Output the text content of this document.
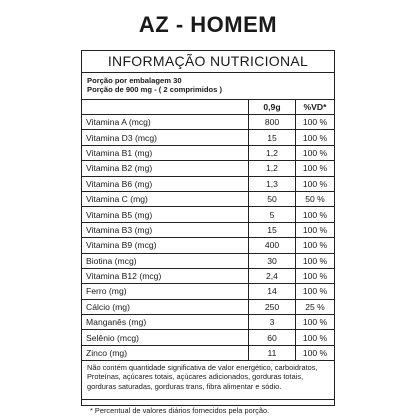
AZ - HOMEM
INFORMAÇÃO NUTRICIONAL
Porção por embalagem 30
Porção de 900 mg - ( 2 comprimidos )
	0,9g	%VD*
Vitamina A (mcg)	800	100 %
Vitamina D3 (mcg)	15	100 %
Vitamina B1 (mg)	1,2	100 %
Vitamina B2 (mg)	1,2	100 %
Vitamina B6 (mg)	1,3	100 %
Vitamina C (mg)	50	50 %
Vitamina B5 (mg)	5	100 %
Vitamina B3 (mg)	15	100 %
Vitamina B9 (mcg)	400	100 %
Biotina (mcg)	30	100 %
Vitamina B12 (mcg)	2,4	100 %
Ferro (mg)	14	100 %
Cálcio (mg)	250	25 %
Manganês (mg)	3	100 %
Selênio (mcg)	60	100 %
Zinco (mg)	11	100 %
Não contém quantidade significativa de valor energético, carboidratos, Proteínas, açúcares totais, açúcares adicionados, gorduras totais, gorduras saturadas, gorduras trans, fibra alimentar e sódio.
* Percentual de valores diários fornecidos pela porção.
